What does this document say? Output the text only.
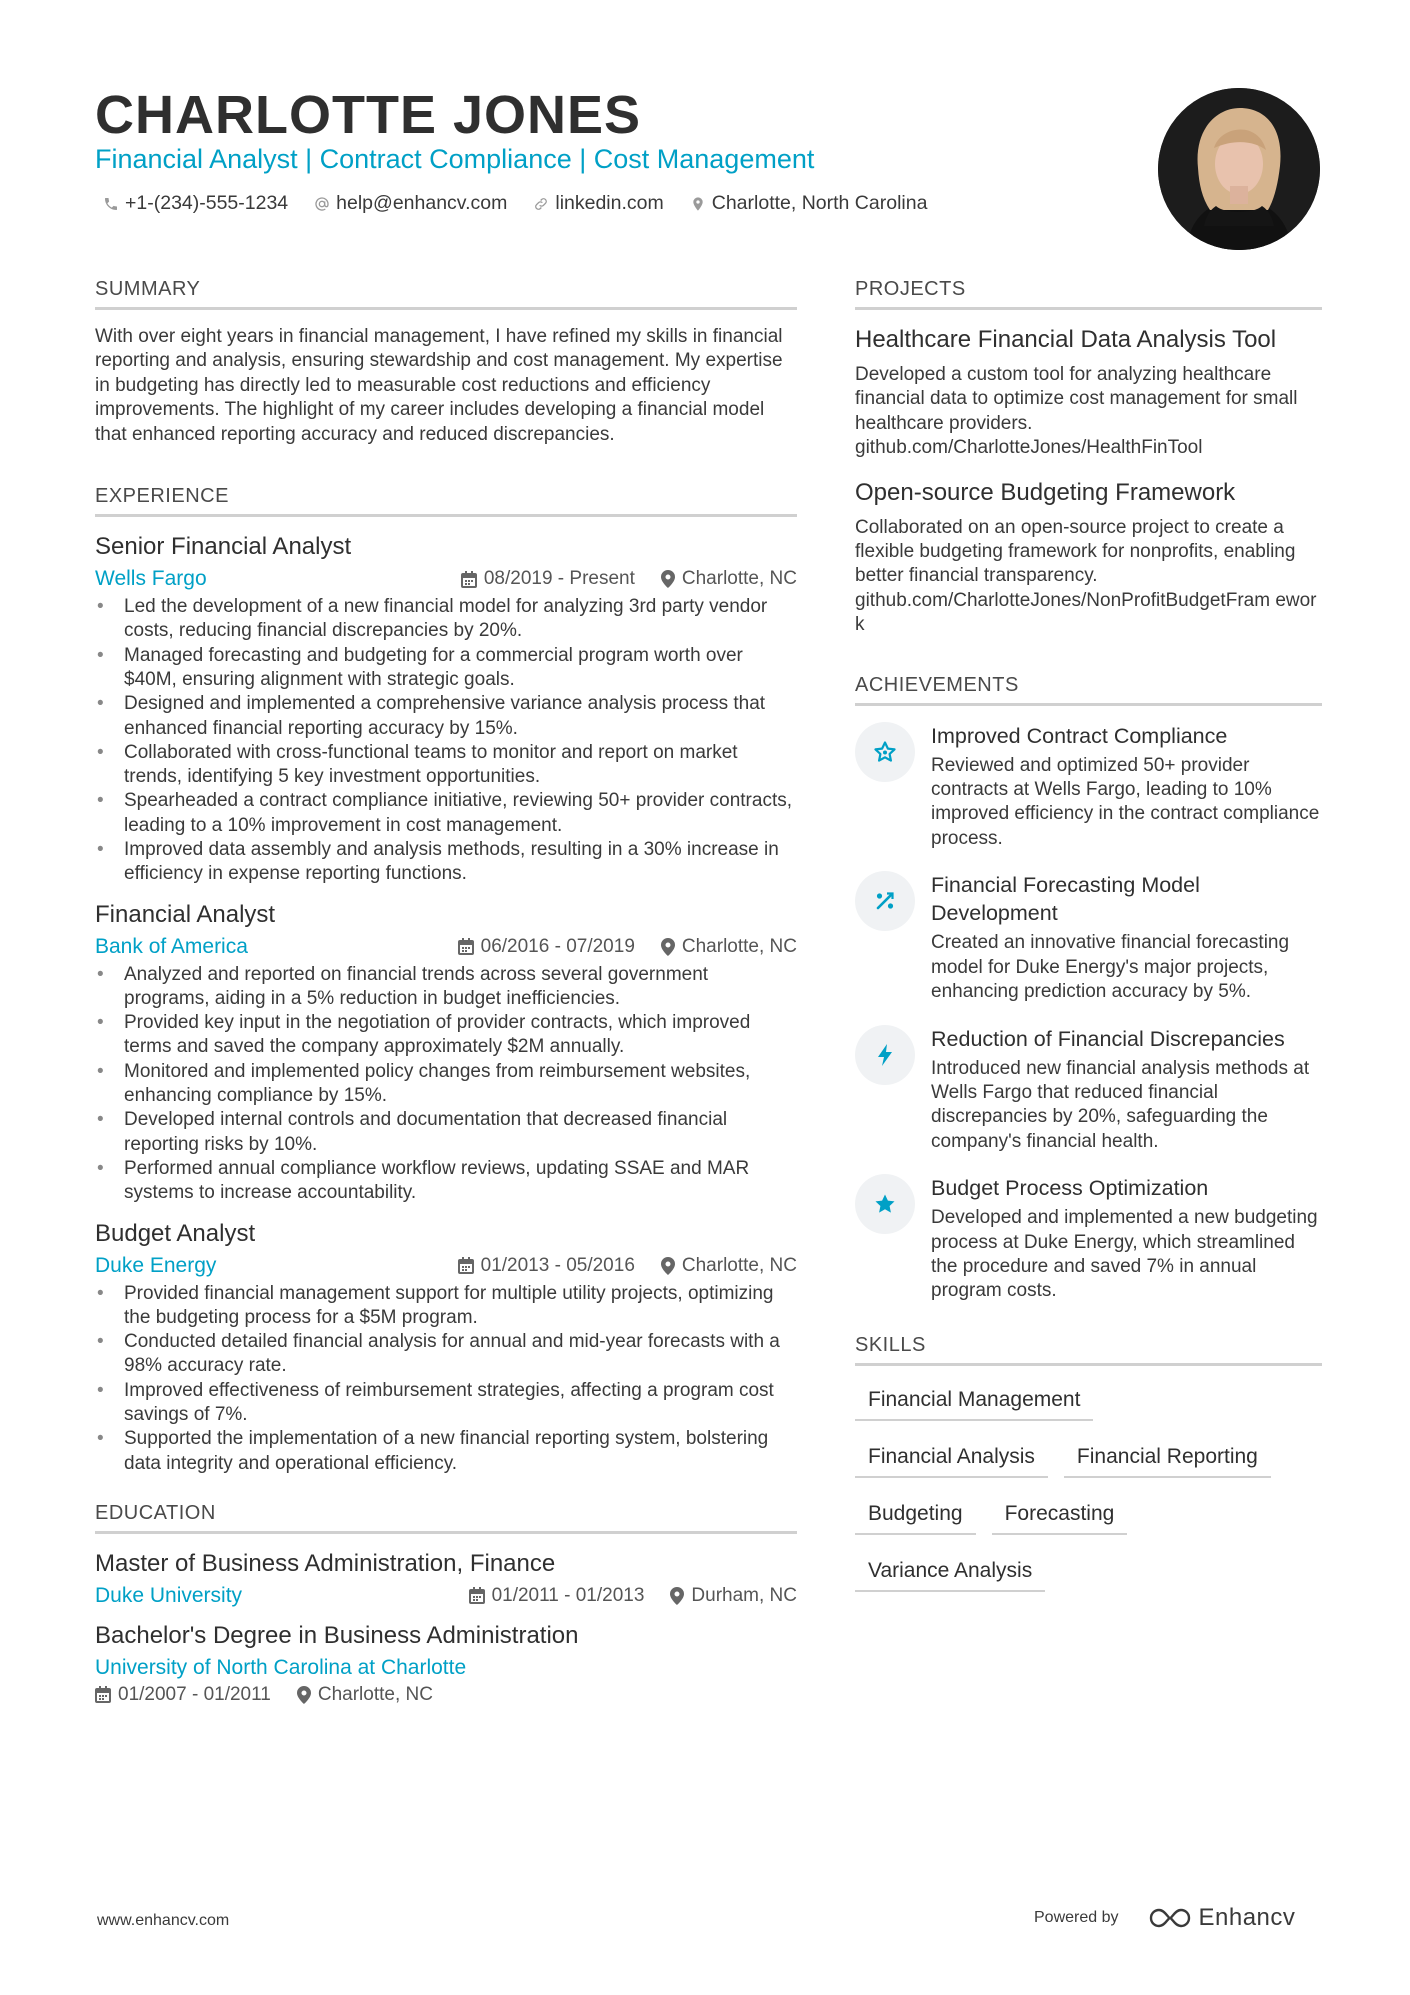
CHARLOTTE JONES
Financial Analyst | Contract Compliance | Cost Management
+1-(234)-555-1234 help@enhancv.com linkedin.com Charlotte, North Carolina
SUMMARY

With over eight years in financial management, I have refined my skills in financial reporting and analysis, ensuring stewardship and cost management. My expertise in budgeting has directly led to measurable cost reductions and efficiency improvements. The highlight of my career includes developing a financial model that enhanced reporting accuracy and reduced discrepancies.

EXPERIENCE
Senior Financial Analyst
Wells Fargo	08/2019 - Present Charlotte, NC
• Led the development of a new financial model for analyzing 3rd party vendor costs, reducing financial discrepancies by 20%.
• Managed forecasting and budgeting for a commercial program worth over $40M, ensuring alignment with strategic goals.
• Designed and implemented a comprehensive variance analysis process that enhanced financial reporting accuracy by 15%.
• Collaborated with cross-functional teams to monitor and report on market trends, identifying 5 key investment opportunities.
• Spearheaded a contract compliance initiative, reviewing 50+ provider contracts, leading to a 10% improvement in cost management.
• Improved data assembly and analysis methods, resulting in a 30% increase in efficiency in expense reporting functions.
Financial Analyst
Bank of America	06/2016 - 07/2019 Charlotte, NC
• Analyzed and reported on financial trends across several government programs, aiding in a 5% reduction in budget inefficiencies.
• Provided key input in the negotiation of provider contracts, which improved terms and saved the company approximately $2M annually.
• Monitored and implemented policy changes from reimbursement websites, enhancing compliance by 15%.
• Developed internal controls and documentation that decreased financial reporting risks by 10%.
• Performed annual compliance workflow reviews, updating SSAE and MAR systems to increase accountability.
Budget Analyst
Duke Energy	01/2013 - 05/2016 Charlotte, NC
• Provided financial management support for multiple utility projects, optimizing the budgeting process for a $5M program.
• Conducted detailed financial analysis for annual and mid-year forecasts with a 98% accuracy rate.
• Improved effectiveness of reimbursement strategies, affecting a program cost savings of 7%.
• Supported the implementation of a new financial reporting system, bolstering data integrity and operational efficiency.
EDUCATION
Master of Business Administration, Finance
Duke University	01/2011 - 01/2013 Durham, NC
Bachelor's Degree in Business Administration
University of North Carolina at Charlotte
01/2007 - 01/2011 Charlotte, NC
PROJECTS
Healthcare Financial Data Analysis Tool

Developed a custom tool for analyzing healthcare financial data to optimize cost management for small healthcare providers.

github.com/CharlotteJones/HealthFinTool

Open-source Budgeting Framework

Collaborated on an open-source project to create a flexible budgeting framework for nonprofits, enabling better financial transparency.

github.com/CharlotteJones/NonProfitBudgetFram ework

ACHIEVEMENTS
Improved Contract Compliance

Reviewed and optimized 50+ provider contracts at Wells Fargo, leading to 10% improved efficiency in the contract compliance process.

Financial Forecasting Model Development

Created an innovative financial forecasting model for Duke Energy's major projects, enhancing prediction accuracy by 5%.

Reduction of Financial Discrepancies

Introduced new financial analysis methods at Wells Fargo that reduced financial discrepancies by 20%, safeguarding the company's financial health.

Budget Process Optimization

Developed and implemented a new budgeting process at Duke Energy, which streamlined the procedure and saved 7% in annual program costs.

SKILLS
Financial Management
Financial Analysis	Financial Reporting
Budgeting	Forecasting
Variance Analysis
www.enhancv.com	Powered by	Enhancv
